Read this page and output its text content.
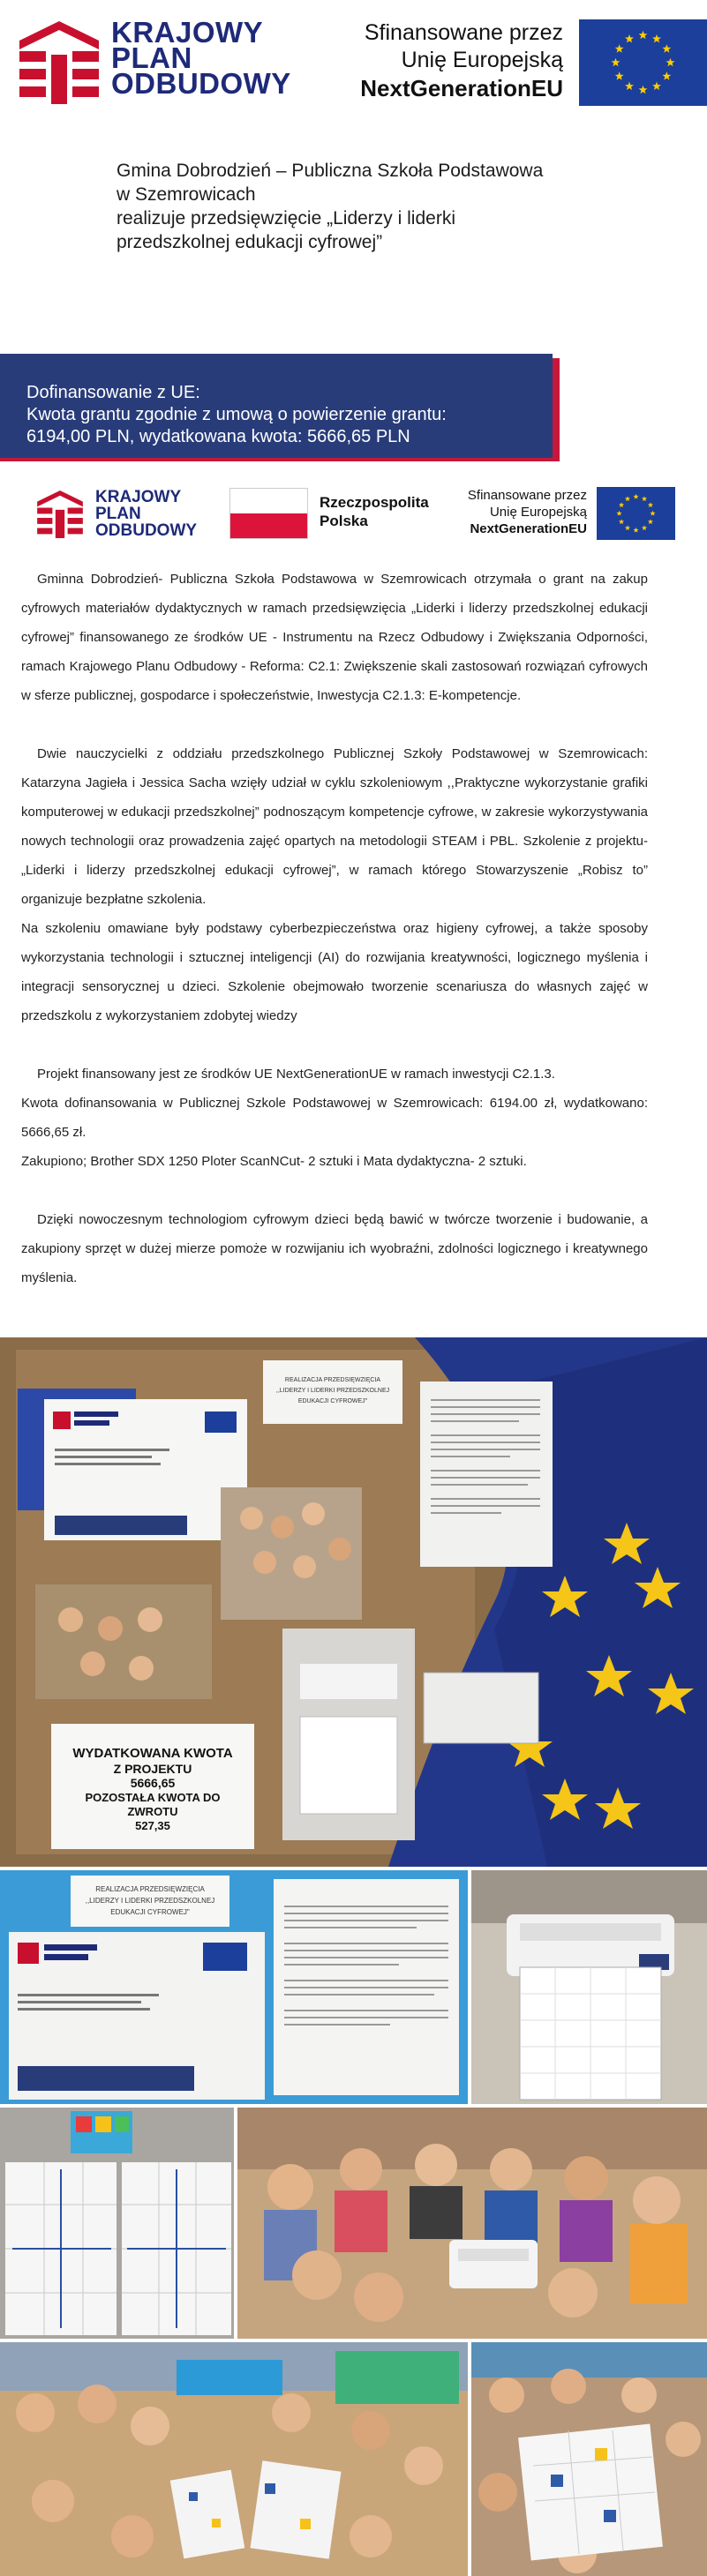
KRAJOWY
PLAN
ODBUDOWY
Sfinansowane przez
Unię Europejską
NextGenerationEU

Gmina Dobrodzień – Publiczna Szkoła Podstawowa

w Szemrowicach

realizuje przedsięwzięcie „Liderzy i liderki

przedszkolnej edukacji cyfrowej”

Dofinansowanie z UE:
Kwota grantu zgodnie z umową o powierzenie grantu:
6194,00 PLN, wydatkowana kwota: 5666,65 PLN
KRAJOWY
PLAN
ODBUDOWY
Rzeczpospolita
Polska
Sfinansowane przez
Unię Europejską
NextGenerationEU

Gminna Dobrodzień- Publiczna Szkoła Podstawowa w Szemrowicach otrzymała o grant na zakup cyfrowych materiałów dydaktycznych w ramach przedsięwzięcia „Liderki i liderzy przedszkolnej edukacji cyfrowej” finansowanego ze środków UE - Instrumentu na Rzecz Odbudowy i Zwiększania Odporności, ramach Krajowego Planu Odbudowy - Reforma: C2.1: Zwiększenie skali zastosowań rozwiązań cyfrowych w sferze publicznej, gospodarce i społeczeństwie, Inwestycja C2.1.3: E-kompetencje.

Dwie nauczycielki z oddziału przedszkolnego Publicznej Szkoły Podstawowej w Szemrowicach: Katarzyna Jagieła i Jessica Sacha wzięły udział w cyklu szkoleniowym ,,Praktyczne wykorzystanie grafiki komputerowej w edukacji przedszkolnej” podnoszącym kompetencje cyfrowe, w zakresie wykorzystywania nowych technologii oraz prowadzenia zajęć opartych na metodologii STEAM i PBL. Szkolenie z projektu- „Liderki i liderzy przedszkolnej edukacji cyfrowej”, w ramach którego Stowarzyszenie „Robisz to” organizuje bezpłatne szkolenia.

Na szkoleniu omawiane były podstawy cyberbezpieczeństwa oraz higieny cyfrowej, a także sposoby wykorzystania technologii i sztucznej inteligencji (AI) do rozwijania kreatywności, logicznego myślenia i integracji sensorycznej u dzieci. Szkolenie obejmowało tworzenie scenariusza do własnych zajęć w przedszkolu z wykorzystaniem zdobytej wiedzy

Projekt finansowany jest ze środków UE NextGenerationUE w ramach inwestycji C2.1.3.

Kwota dofinansowania w Publicznej Szkole Podstawowej w Szemrowicach: 6194.00 zł, wydatkowano: 5666,65 zł.

Zakupiono; Brother SDX 1250 Ploter ScanNCut- 2 sztuki i Mata dydaktyczna- 2 sztuki.

Dzięki nowoczesnym technologiom cyfrowym dzieci będą bawić w twórcze tworzenie i budowanie, a zakupiony sprzęt w dużej mierze pomoże w rozwijaniu ich wyobraźni, zdolności logicznego i kreatywnego myślenia.

REALIZACJA PRZEDSIĘWZIĘCIA
,,LIDERZY I LIDERKI PRZEDSZKOLNEJ
EDUKACJI CYFROWEJ"
WYDATKOWANA KWOTA
Z PROJEKTU
5666,65
POZOSTAŁA KWOTA DO
ZWROTU
527,35
REALIZACJA PRZEDSIĘWZIĘCIA
,,LIDERZY I LIDERKI PRZEDSZKOLNEJ
EDUKACJI CYFROWEJ"
